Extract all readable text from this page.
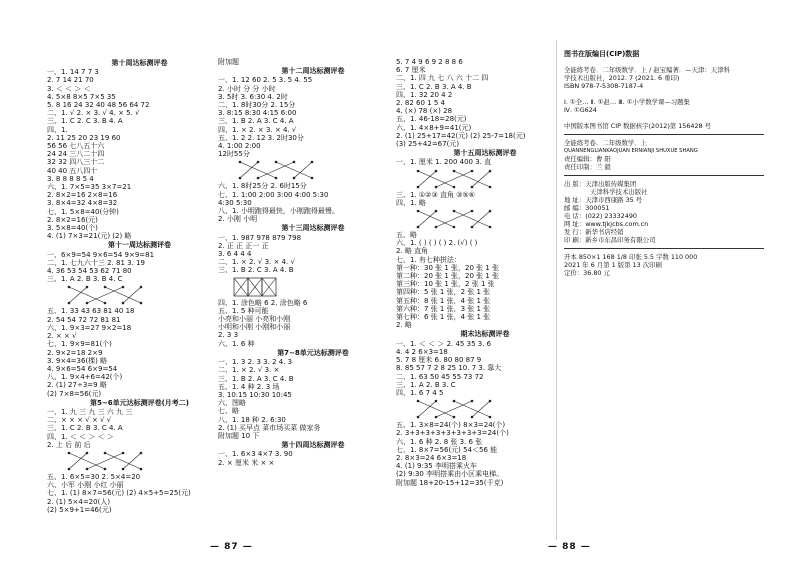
第十周达标测评卷
一、1. 14 7 7 3
2. 7 14 21 70
3. ＜ ＜ ＞ ＜
4. 5×8 8×5 7×5 35
5. 8 16 24 32 40 48 56 64 72
二、1. √ 2. × 3. √ 4. × 5. √
三、1. C 2. C 3. B 4. A
四、1.
2. 11 25 20 23 19 60
56 56 七八五十六
24 24 三八二十四
32 32 四八三十二
40 40 五八四十
3. 8 8 8 8 5 4
六、1. 7×5=35 3×7=21
2. 8×2=16 2×8=16
3. 8×4=32 4×8=32
七、1. 5×8=40(分钟)
2. 8×2=16(元)
3. 5×8=40(个)
4. (1) 7×3=21(元) (2) 略
第十一周达标测评卷
一、6×9=54 9×6=54 9×9=81
二、1. 七九六十三 2. 81 3. 19
4. 36 53 54 53 62 71 80
三、1. A 2. B 3. B 4. C
五、1. 33 43 63 81 40 18
2. 54 54 72 72 81 81
六、1. 9×3=27 9×2=18
2. × × √
七、1. 9×9=81(个)
2. 9×2=18 2×9
3. 9×4=36(棵) 略
4. 9×6=54 6×9=54
八、1. 9×4+6=42(个)
2. (1) 27÷3=9 略
(2) 7×8=56(元)
第5~6单元达标测评卷(月考二)
一、1. 九 三 九 三 六 九 三
二、× × × √ × √ √
三、1. C 2. B 3. C 4. A
四、1. ＜ ＜ ＞ ＜ ＞
2. 上 后 前 后
五、1. 6×5=30 2. 5×4=20
六、小军 小刚 小红 小丽
七、1. (1) 8×7=56(元) (2) 4×5+5=25(元)
2. (1) 5×4=20(人)
(2) 5×9+1=46(元)
附加题
第十二周达标测评卷
一、1. 12 60 2. 5 3. 5 4. 55
2. 小时 分 分 小时
3. 5时 3. 6:30 4. 2时
二、1. 8时30分 2. 15分
3. 8:15 8:30 4:15 6:00
三、1. B 2. A 3. C 4. A
四、1. × 2. × 3. × 4. √
五、1. 2 2. 12 3. 2时30分
4. 1:00 2:00
12时55分
六、1. 8时25分 2. 6时15分
七、1. 1:00 2:00 3:00 4:00 5:30
4:30 5:30
八、1. 小明跑得最快，小刚跑得最慢。
2. 小刚 小明
第十三周达标测评卷
一、1. 987 978 879 798
2. 正 正 正一 正
3. 6 4 4 4
二、1. × 2. √ 3. × 4. √
三、1. B 2. C 3. A 4. B
四、1. 涂色略 6 2. 涂色略 6
五、1. 5 种可能
小亮和小丽 小亮和小刚
小明和小刚 小刚和小丽
2. 3 3
六、1. 6 种
第7~8单元达标测评卷
一、1. 3 2. 3 3. 2 4. 3
二、1. × 2. √ 3. ×
三、1. B 2. A 3. C 4. B
五、1. 4 种 2. 3 场
3. 10:15 10:30 10:45
六、图略
七、略
八、1. 18 种 2. 6:30
2. (1) 买早点 菜市场买菜 做家务
附加题 10 下
第十四周达标测评卷
一、1. 6×3 4×7 3. 90
2. × 厘米 米 × ×
5. 7 4 9 6 9 2 8 8 6
6. 7 厘米
二、1. 四 九 七 八 六 十二 四
三、1. C 2. B 3. A 4. B
四、1. 32 20 4 2
2. 82 60 1 5 4
4. (×) 78 (×) 28
五、1. 46-18=28(元)
六、1. 4×8+9=41(元)
2. (1) 25+17=42(元) (2) 25-7=18(元)
(3) 25+42=67(元)
第十五周达标测评卷
一、1. 厘米 1. 200 400 3. 直
三、1. ①②③ 直角 ③⑤⑥
四、1. 略
五、略
六、1. ( ) ( ) ( ) 2. (√) ( )
2. 略 直角
七、1. 有七种拼法：
第一种：30 张 1 张，20 张 1 张
第二种：20 张 1 张，20 张 1 张
第三种：10 张 1 张，2 张 1 张
第四种：5 张 1 张，2 张 1 张
第五种：8 张 1 张，4 张 1 张
第六种：7 张 1 张，3 张 1 张
第七种：6 张 1 张，4 张 1 张
2. 略
期末达标测评卷
一、1. ＜ ＜ ＞ 2. 45 35 3. 6
4. 4 2 6×3=18
5. 7 8 厘米 6. 80 80 87 9
8. 85 57 7 2 8 25 10. 7 3. 靠大
二、1. 63 50 45 55 73 72
三、1. A 2. B 3. C
四、1. 6 7 4 5
五、1. 3×8=24(个) 8×3=24(个)
2. 3+3+3+3+3+3+3+3=24(个)
六、1. 6 种 2. 8 张 3. 6 张
七、1. 8×7=56(元) 54＜56 能
2. 8×3=24 6×3=18
4. (1) 9:35 李明搭乘火车
(2) 9:30 李明搭乘由小区乘电梯。
附加题 18+20-15+12=35(千克)
图书在版编目(CIP)数据
全能练考卷．二年级数学．上 / 赵宝编著．—天津：天津科
学技术出版社，2012. 7 (2021. 6 重印)
ISBN 978-7-5308-7187-4

Ⅰ. ①全… Ⅱ. ①赵… Ⅲ. ①小学数学课—习题集
Ⅳ. ①G624

中国版本图书馆 CIP 数据核字(2012)第 156428 号
全能练考卷．二年级数学．上
QUANNENGLIANKAOJUAN ERNIANJI SHUXUE SHANG
责任编辑：曹 阳
责任印制：兰 毅
出 版：天津出版传媒集团
天津科学技术出版社
地 址：天津市西康路 35 号
邮 编：300051
电 话：(022) 23332490
网 址：www.tjkjcbs.com.cn
发 行：新华书店经销
印 刷：新乡市东昌印务有限公司
开本 850×1 168 1/8 印张 5.5 字数 110 000
2021 年 6 月第 1 版第 13 次印刷
定价：36.80 元
— 87 —	— 88 —
